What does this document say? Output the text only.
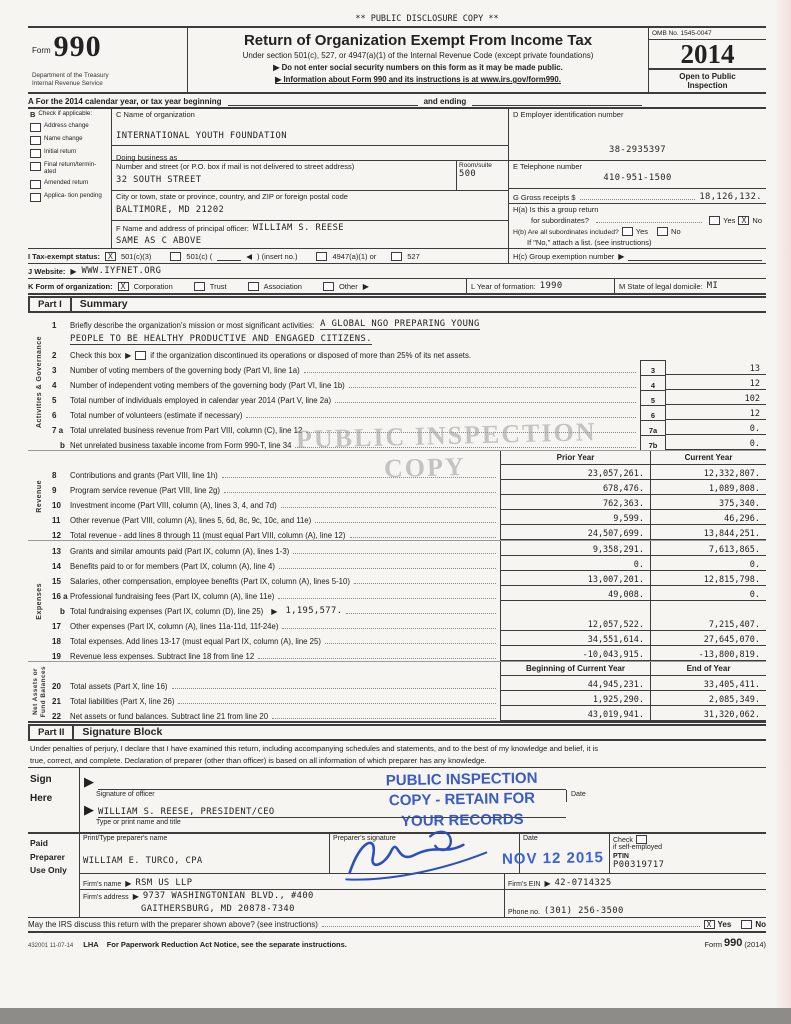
** PUBLIC DISCLOSURE COPY **
Form 990
Department of the Treasury
Internal Revenue Service
Return of Organization Exempt From Income Tax
Under section 501(c), 527, or 4947(a)(1) of the Internal Revenue Code (except private foundations)
▶ Do not enter social security numbers on this form as it may be made public.
▶ Information about Form 990 and its instructions is at www.irs.gov/form990.
OMB No. 1545-0047
2014
Open to Public
Inspection
A For the 2014 calendar year, or tax year beginning	and ending
B Check if applicable:
Address change
Name change
Initial return
Final return/termin- ated
Amended return
Applica- tion pending
C Name of organization
INTERNATIONAL YOUTH FOUNDATION
Doing business as
Number and street (or P.O. box if mail is not delivered to street address)
32 SOUTH STREET
Room/suite
500
City or town, state or province, country, and ZIP or foreign postal code
BALTIMORE, MD 21202
F Name and address of principal officer: WILLIAM S. REESE
SAME AS C ABOVE
D Employer identification number
38-2935397
E Telephone number
410-951-1500
G Gross receipts $	18,126,132.
H(a) Is this a group return
for subordinates?	Yes X No
H(b) Are all subordinates included? Yes	No
If "No," attach a list. (see instructions)
I Tax-exempt status:	X	501(c)(3)	501(c) (	◀ ) (insert no.)	4947(a)(1) or	527	H(c) Group exemption number ▶
J Website: ▶ WWW.IYFNET.ORG
K Form of organization:	X	Corporation	Trust	Association	Other ▶	L Year of formation: 1990	M State of legal domicile: MI
Part I	Summary
PUBLIC INSPECTION
COPY
Activities & Governance
1	Briefly describe the organization's mission or most significant activities: A GLOBAL NGO PREPARING YOUNG
PEOPLE TO BE HEALTHY PRODUCTIVE AND ENGAGED CITIZENS.
2	Check this box ▶ if the organization discontinued its operations or disposed of more than 25% of its net assets.
3	Number of voting members of the governing body (Part VI, line 1a)	3	13
4	Number of independent voting members of the governing body (Part VI, line 1b)	4	12
5	Total number of individuals employed in calendar year 2014 (Part V, line 2a)	5	102
6	Total number of volunteers (estimate if necessary)	6	12
7 a Total unrelated business revenue from Part VIII, column (C), line 12	7a	0.
b Net unrelated business taxable income from Form 990-T, line 34	7b	0.
Revenue
Prior Year	Current Year
8	Contributions and grants (Part VIII, line 1h)	23,057,261.	12,332,807.
9	Program service revenue (Part VIII, line 2g)	678,476.	1,089,808.
10	Investment income (Part VIII, column (A), lines 3, 4, and 7d)	762,363.	375,340.
11	Other revenue (Part VIII, column (A), lines 5, 6d, 8c, 9c, 10c, and 11e)	9,599.	46,296.
12	Total revenue - add lines 8 through 11 (must equal Part VIII, column (A), line 12)	24,507,699.	13,844,251.
Expenses
13	Grants and similar amounts paid (Part IX, column (A), lines 1-3)	9,358,291.	7,613,865.
14	Benefits paid to or for members (Part IX, column (A), line 4)	0.	0.
15	Salaries, other compensation, employee benefits (Part IX, column (A), lines 5-10)	13,007,201.	12,815,798.
16 a Professional fundraising fees (Part IX, column (A), line 11e)	49,008.	0.
b Total fundraising expenses (Part IX, column (D), line 25) ▶ 1,195,577.
17	Other expenses (Part IX, column (A), lines 11a-11d, 11f-24e)	12,057,522.	7,215,407.
18	Total expenses. Add lines 13-17 (must equal Part IX, column (A), line 25)	34,551,614.	27,645,070.
19	Revenue less expenses. Subtract line 18 from line 12	-10,043,915.	-13,800,819.
Net Assets or Fund Balances	Beginning of Current Year	End of Year
20	Total assets (Part X, line 16)	44,945,231.	33,405,411.
21	Total liabilities (Part X, line 26)	1,925,290.	2,085,349.
22	Net assets or fund balances. Subtract line 21 from line 20	43,019,941.	31,320,062.
Part II	Signature Block
Under penalties of perjury, I declare that I have examined this return, including accompanying schedules and statements, and to the best of my knowledge and belief, it is
true, correct, and complete. Declaration of preparer (other than officer) is based on all information of which preparer has any knowledge.
Sign
Here
PUBLIC INSPECTION
COPY - RETAIN FOR
YOUR RECORDS
▶
Signature of officer	Date
▶ WILLIAM S. REESE, PRESIDENT/CEO
Type or print name and title
Paid
Preparer
Use Only
Print/Type preparer's name
WILLIAM E. TURCO, CPA
Preparer's signature	Date
NOV 12 2015
Check
if self-employed
PTIN
P00319717
Firm's name ▶ RSM US LLP	Firm's EIN ▶ 42-0714325
Firm's address ▶ 9737 WASHINGTONIAN BLVD., #400
GAITHERSBURG, MD 20878-7340	Phone no. (301) 256-3500
May the IRS discuss this return with the preparer shown above? (see instructions)	X Yes	No
432001 11-07-14 LHA For Paperwork Reduction Act Notice, see the separate instructions.	Form 990 (2014)
